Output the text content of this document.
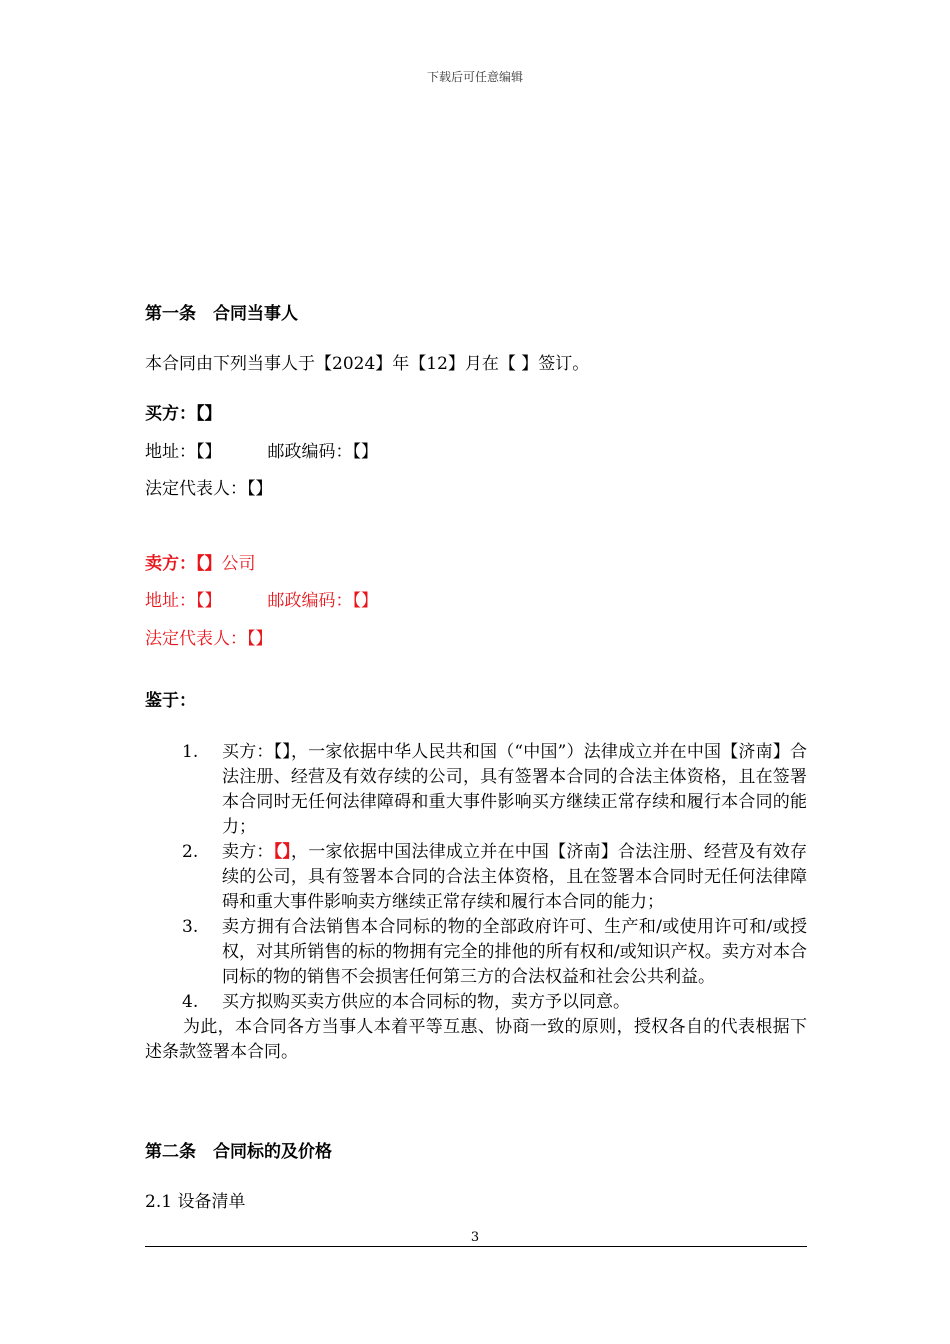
下载后可任意编辑
第一条　合同当事人
本合同由下列当事人于【2024】年【12】月在【 】签订。
买方：【】
地址：【】	邮政编码：【】
法定代表人：【】
卖方：【】公司
地址：【】	邮政编码：【】
法定代表人：【】
鉴于：
1. 买方：【】，一家依据中华人民共和国（“中国”）法律成立并在中国【济南】合法注册、经营及有效存续的公司，具有签署本合同的合法主体资格，且在签署本合同时无任何法律障碍和重大事件影响买方继续正常存续和履行本合同的能力；
2. 卖方：【】，一家依据中国法律成立并在中国【济南】合法注册、经营及有效存续的公司，具有签署本合同的合法主体资格，且在签署本合同时无任何法律障碍和重大事件影响卖方继续正常存续和履行本合同的能力；
3. 卖方拥有合法销售本合同标的物的全部政府许可、生产和/或使用许可和/或授权，对其所销售的标的物拥有完全的排他的所有权和/或知识产权。卖方对本合同标的物的销售不会损害任何第三方的合法权益和社会公共利益。
4. 买方拟购买卖方供应的本合同标的物，卖方予以同意。
为此，本合同各方当事人本着平等互惠、协商一致的原则，授权各自的代表根据下述条款签署本合同。
第二条　合同标的及价格
2.1 设备清单
3
